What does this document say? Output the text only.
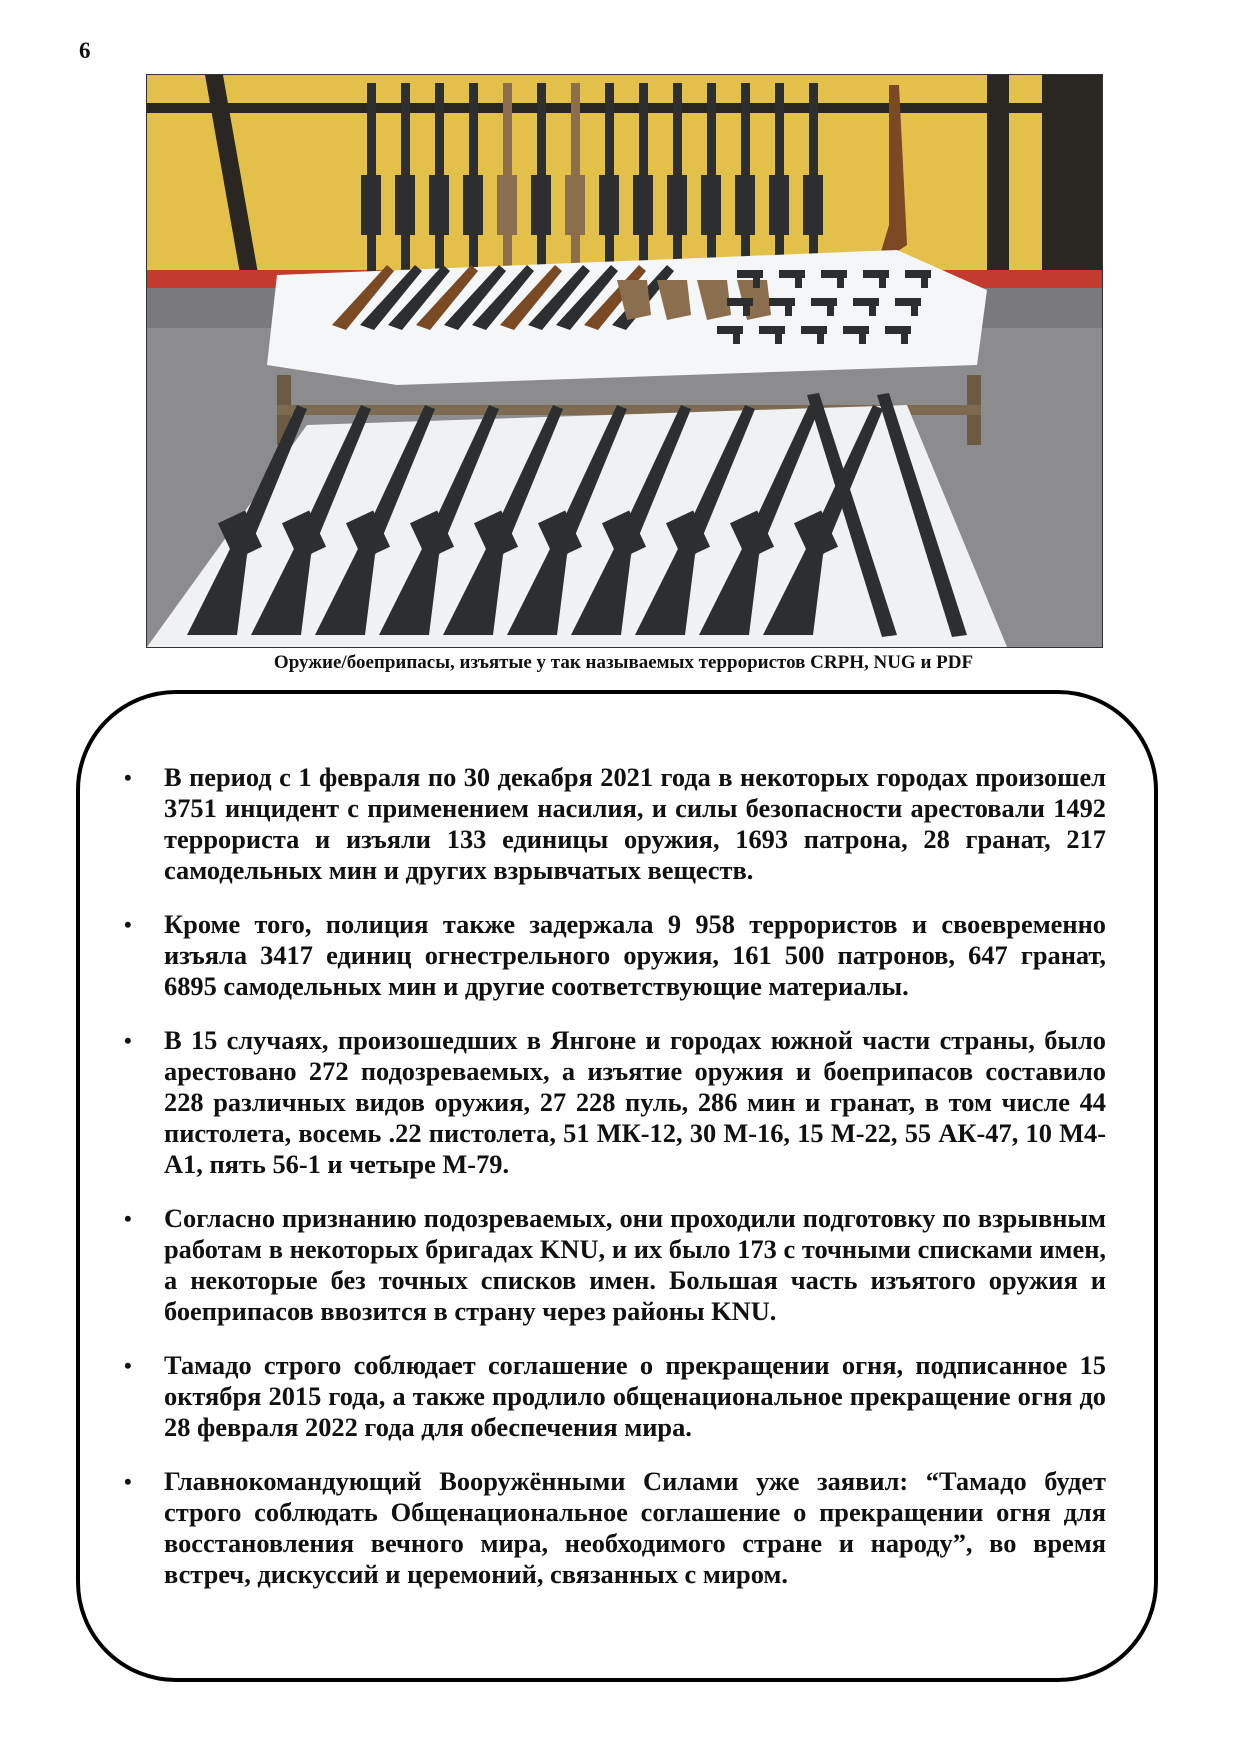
6
Оружие/боеприпасы, изъятые у так называемых террористов CRPH, NUG и PDF
• В период с 1 февраля по 30 декабря 2021 года в некоторых городах произошел 3751 инцидент с применением насилия, и силы безопасности арестовали 1492 террориста и изъяли 133 единицы оружия, 1693 патрона, 28 гранат, 217 самодельных мин и других взрывчатых веществ.
• Кроме того, полиция также задержала 9 958 террористов и своевременно изъяла 3417 единиц огнестрельного оружия, 161 500 патронов, 647 гранат, 6895 самодельных мин и другие соответствующие материалы.
• В 15 случаях, произошедших в Янгоне и городах южной части страны, было арестовано 272 подозреваемых, а изъятие оружия и боеприпасов составило 228 различных видов оружия, 27 228 пуль, 286 мин и гранат, в том числе 44 пистолета, восемь .22 пистолета, 51 МК-12, 30 М-16, 15 М-22, 55 АК-47, 10 М4-А1, пять 56-1 и четыре М-79.
• Согласно признанию подозреваемых, они проходили подготовку по взрывным работам в некоторых бригадах KNU, и их было 173 с точными списками имен, а некоторые без точных списков имен. Большая часть изъятого оружия и боеприпасов ввозится в страну через районы KNU.
• Тамадо строго соблюдает соглашение о прекращении огня, подписанное 15 октября 2015 года, а также продлило общенациональное прекращение огня до 28 февраля 2022 года для обеспечения мира.
• Главнокомандующий Вооружёнными Силами уже заявил: “Тамадо будет строго соблюдать Общенациональное соглашение о прекращении огня для восстановления вечного мира, необходимого стране и народу”, во время встреч, дискуссий и церемоний, связанных с миром.
